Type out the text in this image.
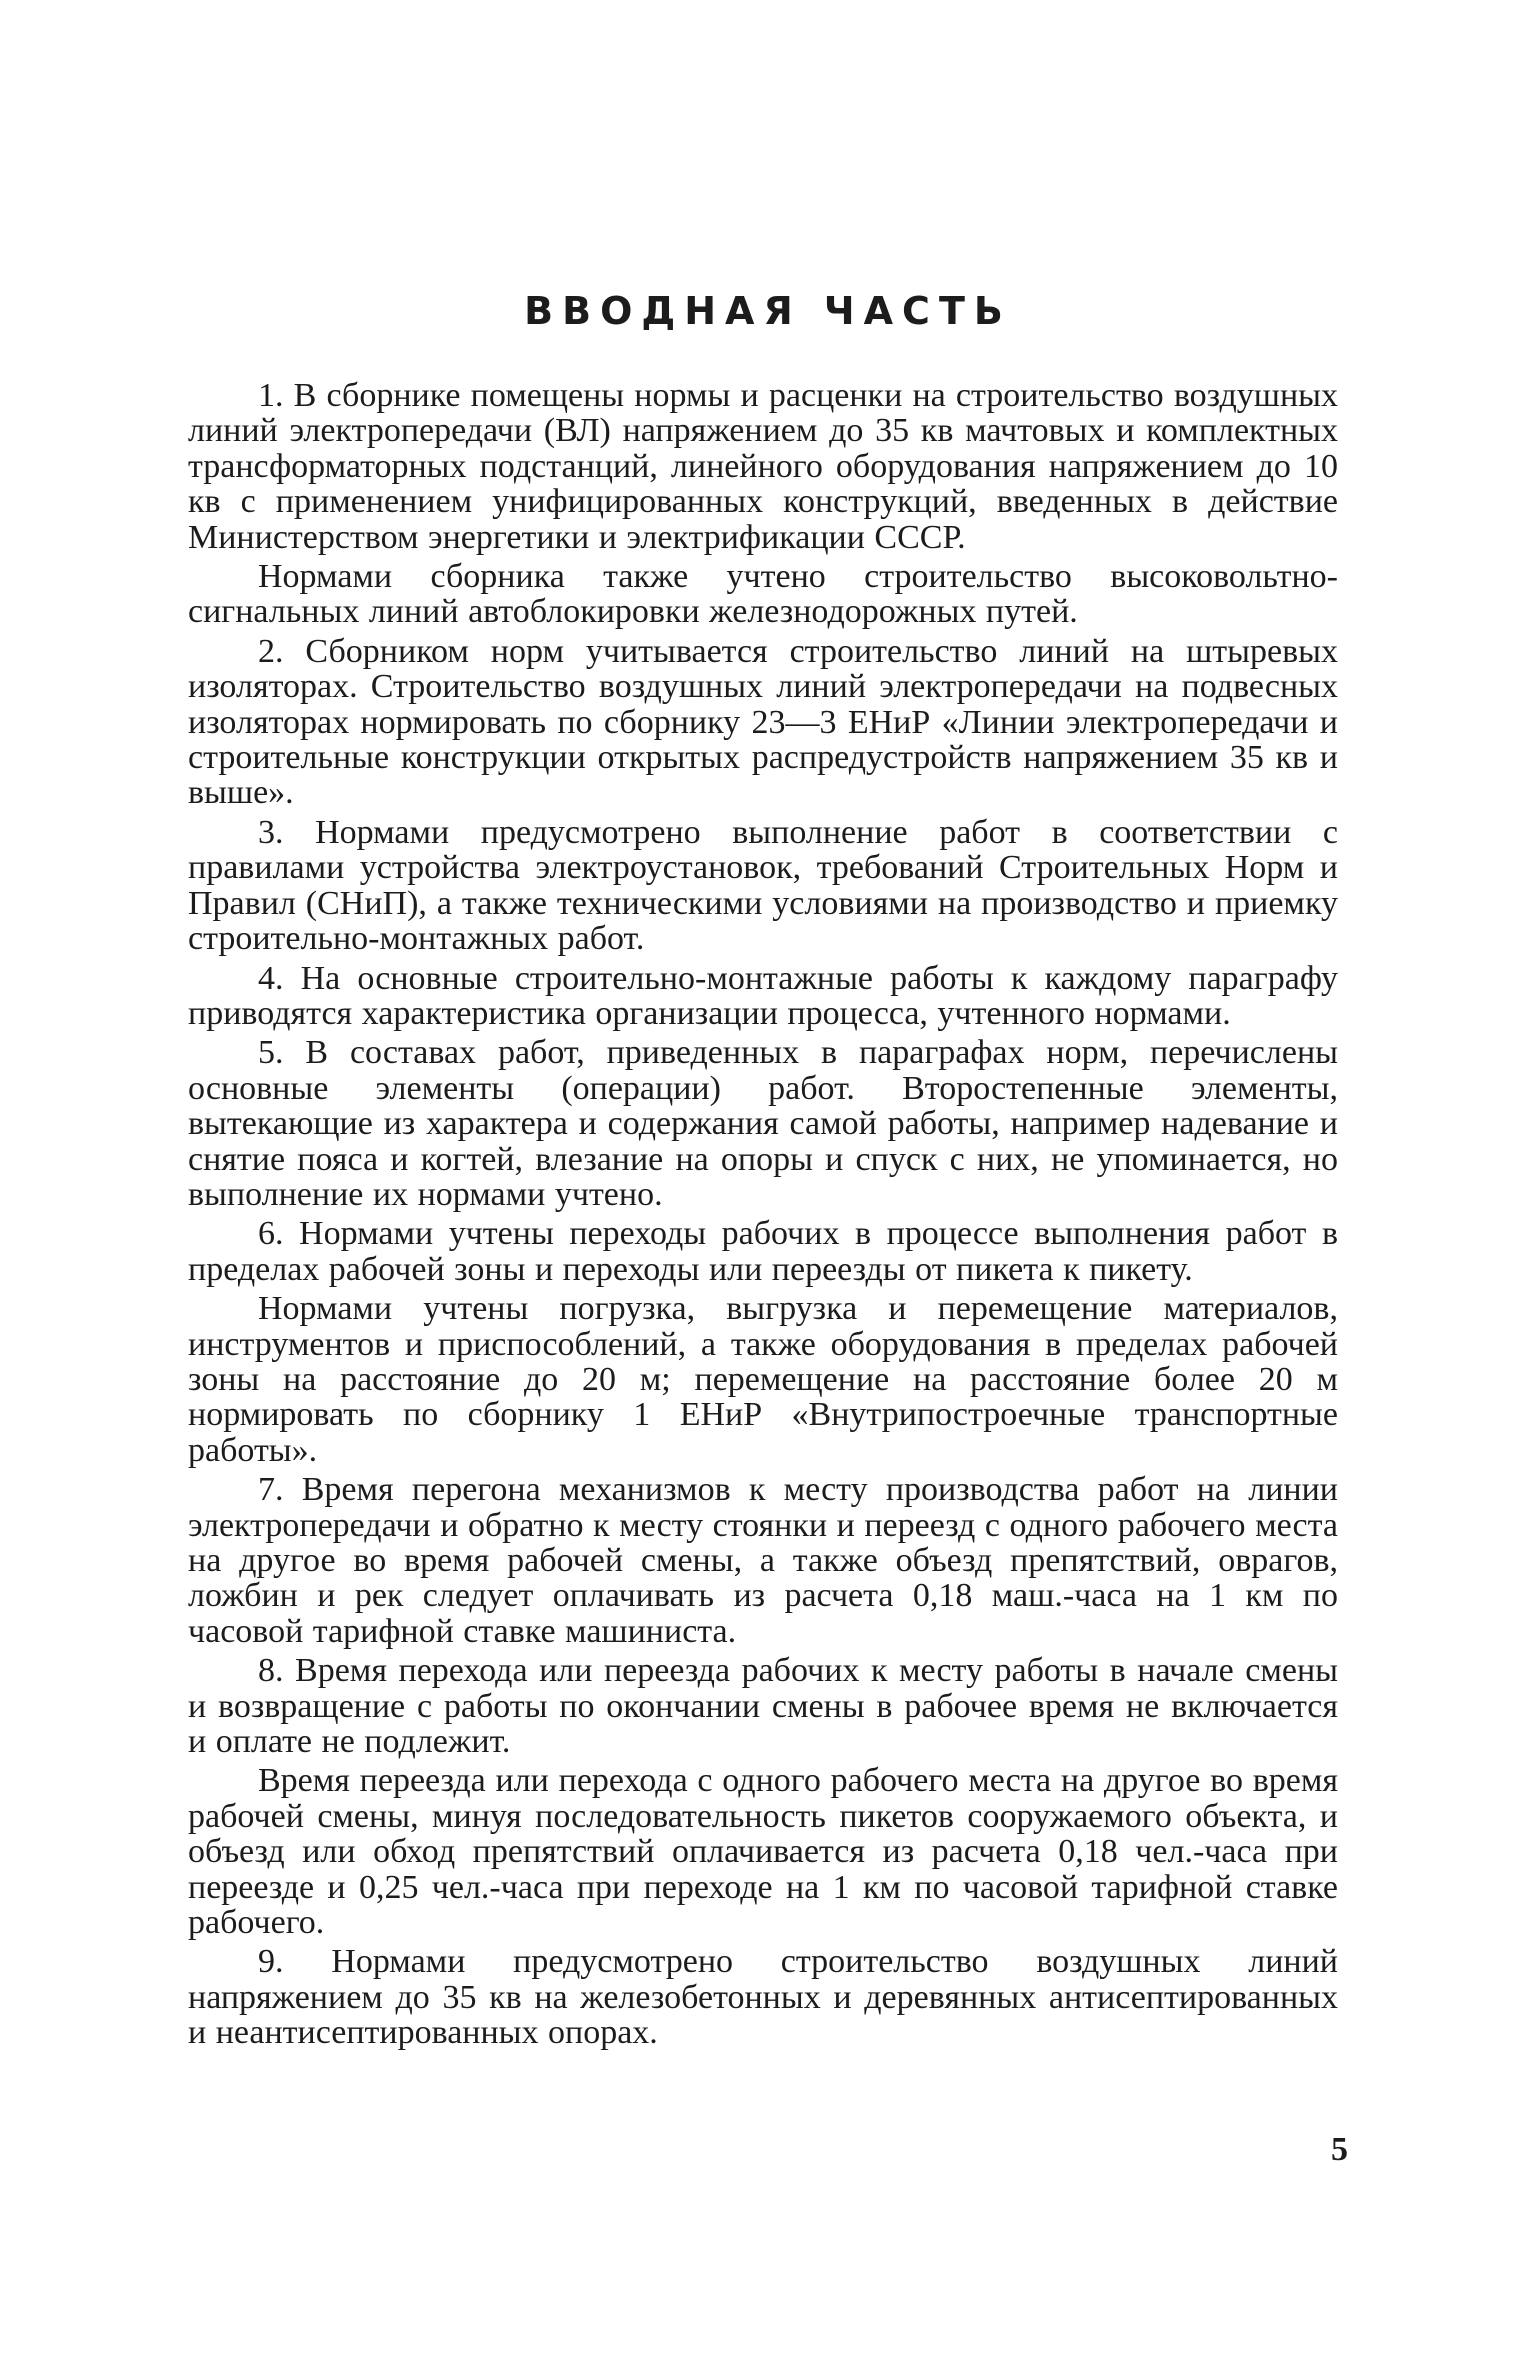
ВВОДНАЯ ЧАСТЬ

1. В сборнике помещены нормы и расценки на строительство воздушных линий электропередачи (ВЛ) напряжением до 35 кв мачтовых и комплектных трансформаторных подстанций, линейного оборудования напряжением до 10 кв с применением унифицированных конструкций, введенных в действие Министерством энергетики и электрификации СССР.

Нормами сборника также учтено строительство высоковольтно-сигнальных линий автоблокировки железнодорожных путей.

2. Сборником норм учитывается строительство линий на штыревых изоляторах. Строительство воздушных линий электропередачи на подвесных изоляторах нормировать по сборнику 23—3 ЕНиР «Линии электропередачи и строительные конструкции открытых распредустройств напряжением 35 кв и выше».

3. Нормами предусмотрено выполнение работ в соответствии с правилами устройства электроустановок, требований Строительных Норм и Правил (СНиП), а также техническими условиями на производство и приемку строительно-монтажных работ.

4. На основные строительно-монтажные работы к каждому параграфу приводятся характеристика организации процесса, учтенного нормами.

5. В составах работ, приведенных в параграфах норм, перечислены основные элементы (операции) работ. Второстепенные элементы, вытекающие из характера и содержания самой работы, например надевание и снятие пояса и когтей, влезание на опоры и спуск с них, не упоминается, но выполнение их нормами учтено.

6. Нормами учтены переходы рабочих в процессе выполнения работ в пределах рабочей зоны и переходы или переезды от пикета к пикету.

Нормами учтены погрузка, выгрузка и перемещение материалов, инструментов и приспособлений, а также оборудования в пределах рабочей зоны на расстояние до 20 м; перемещение на расстояние более 20 м нормировать по сборнику 1 ЕНиР «Внутрипостроечные транспортные работы».

7. Время перегона механизмов к месту производства работ на линии электропередачи и обратно к месту стоянки и переезд с одного рабочего места на другое во время рабочей смены, а также объезд препятствий, оврагов, ложбин и рек следует оплачивать из расчета 0,18 маш.-часа на 1 км по часовой тарифной ставке машиниста.

8. Время перехода или переезда рабочих к месту работы в начале смены и возвращение с работы по окончании смены в рабочее время не включается и оплате не подлежит.

Время переезда или перехода с одного рабочего места на другое во время рабочей смены, минуя последовательность пикетов сооружаемого объекта, и объезд или обход препятствий оплачивается из расчета 0,18 чел.-часа при переезде и 0,25 чел.-часа при переходе на 1 км по часовой тарифной ставке рабочего.

9. Нормами предусмотрено строительство воздушных линий напряжением до 35 кв на железобетонных и деревянных антисептированных и неантисептированных опорах.

5
